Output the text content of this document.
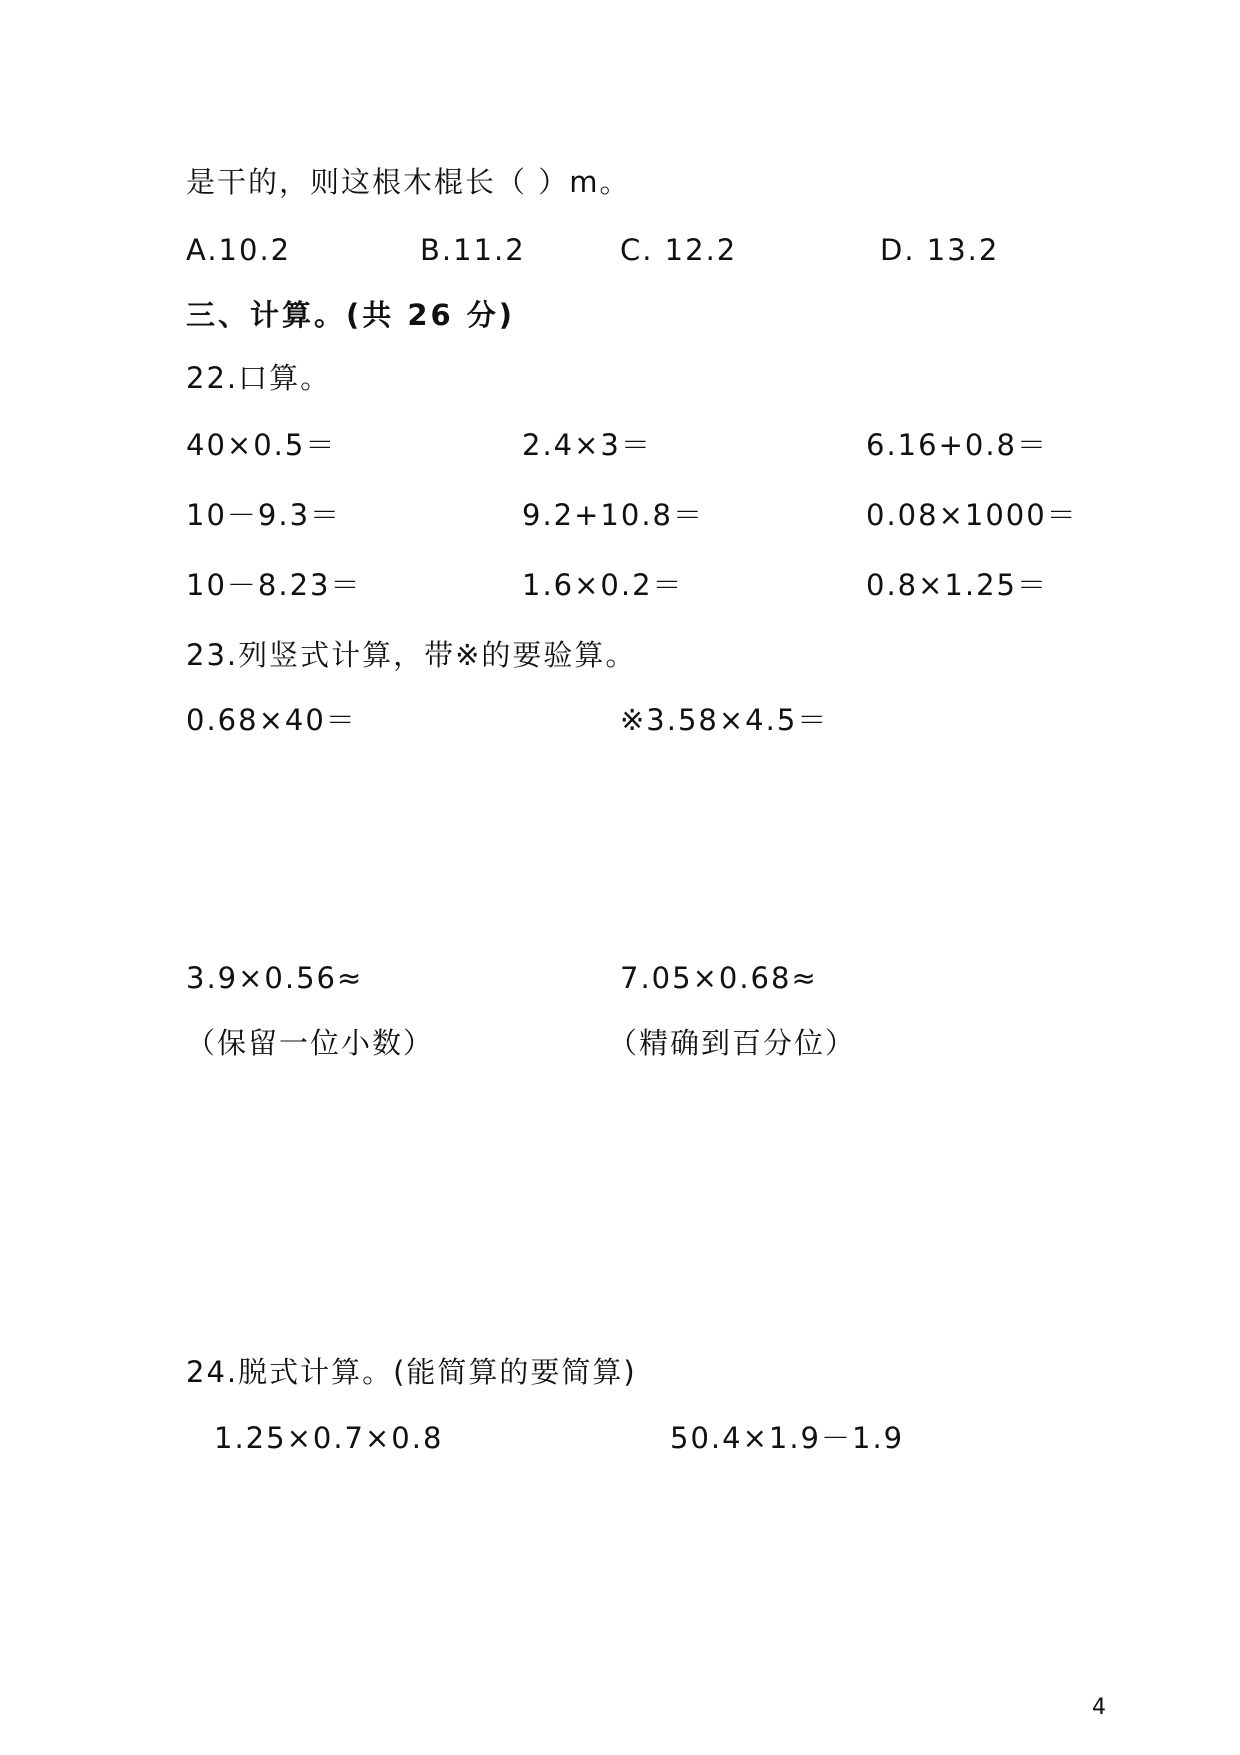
是干的，则这根木棍长（ ）m。
A.10.2	B.11.2	C. 12.2	D. 13.2
三、计算。(共 26 分)
22.口算。
40×0.5＝	2.4×3＝	6.16+0.8＝
10－9.3＝	9.2+10.8＝	0.08×1000＝
10－8.23＝	1.6×0.2＝	0.8×1.25＝
23.列竖式计算，带※的要验算。
0.68×40＝	※3.58×4.5＝
3.9×0.56≈	7.05×0.68≈
（保留一位小数）	（精确到百分位）
24.脱式计算。(能简算的要简算)
1.25×0.7×0.8	50.4×1.9－1.9
4
